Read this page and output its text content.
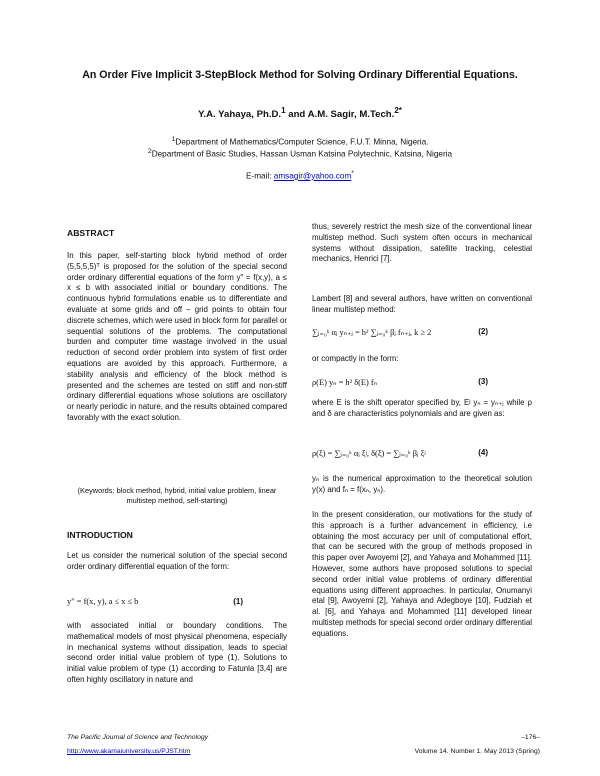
An Order Five Implicit 3-StepBlock Method for Solving Ordinary Differential Equations.
Y.A. Yahaya, Ph.D.$^1$ and A.M. Sagir, M.Tech.$^{2*}$
$^1$Department of Mathematics/Computer Science, F.U.T. Minna, Nigeria.
$^2$Department of Basic Studies, Hassan Usman Katsina Polytechnic, Katsina, Nigeria
E-mail: amsagir@yahoo.com*
ABSTRACT
In this paper, self-starting block hybrid method of order (5,5,5,5)ᵀ is proposed for the solution of the special second order ordinary differential equations of the form y″ = f(x,y), a ≤ x ≤ b with associated initial or boundary conditions. The continuous hybrid formulations enable us to differentiate and evaluate at some grids and off – grid points to obtain four discrete schemes, which were used in block form for parallel or sequential solutions of the problems. The computational burden and computer time wastage involved in the usual reduction of second order problem into system of first order equations are avoided by this approach. Furthermore, a stability analysis and efficiency of the block method is presented and the schemes are tested on stiff and non-stiff ordinary differential equations whose solutions are oscillatory or nearly periodic in nature, and the results obtained compared favorably with the exact solution.
(Keywords: block method, hybrid, initial value problem, linear multistep method, self-starting)
INTRODUCTION
Let us consider the numerical solution of the special second order ordinary differential equation of the form:
y″ = f(x, y), a ≤ x ≤ b	(1)
with associated initial or boundary conditions. The mathematical models of most physical phenomena, especially in mechanical systems without dissipation, leads to special second order initial value problem of type (1). Solutions to initial value problem of type (1) according to Fatunla [3,4] are often highly oscillatory in nature and
thus, severely restrict the mesh size of the conventional linear multistep method. Such system often occurs in mechanical systems without dissipation, satellite tracking, celestial mechanics, Henrici [7].
Lambert [8] and several authors, have written on conventional linear multistep method:
∑ⱼ₌₀ᵏ αⱼ yₙ₊ⱼ = h² ∑ⱼ₌₀ᵏ βⱼ fₙ₊ⱼ, k ≥ 2	(2)
or compactly in the form:
ρ(E) yₙ = h² δ(E) fₙ	(3)
where E is the shift operator specified by, Eʲ yₙ = yₙ₊ⱼ while ρ and δ are characteristics polynomials and are given as:
ρ(ξ) = ∑ⱼ₌₀ᵏ αⱼ ξʲ, δ(ξ) = ∑ⱼ₌₀ᵏ βⱼ ξʲ	(4)
yₙ is the numerical approximation to the theoretical solution y(x) and fₙ = f(xₙ, yₙ).
In the present consideration, our motivations for the study of this approach is a further advancement in efficiency, i.e obtaining the most accuracy per unit of computational effort, that can be secured with the group of methods proposed in this paper over Awoyemi [2], and Yahaya and Mohammed [11]. However, some authors have proposed solutions to special second order initial value problems of ordinary differential equations using different approaches. In particular, Onumanyi etal [9], Awoyemi [2], Yahaya and Adegboye [10], Fudziah et al. [6], and Yahaya and Mohammed [11] developed linear multistep methods for special second order ordinary differential equations.
The Pacific Journal of Science and Technology
http://www.akamaiuniversity.us/PJST.htm
–176–
Volume 14. Number 1. May 2013 (Spring)
